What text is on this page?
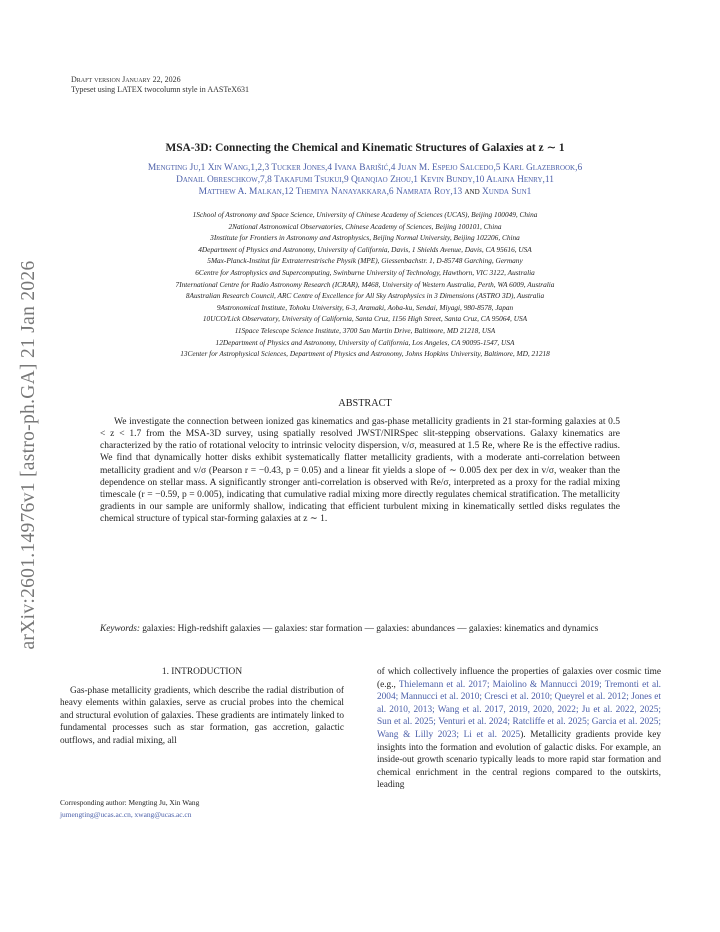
arXiv:2601.14976v1 [astro-ph.GA] 21 Jan 2026
Draft version January 22, 2026
Typeset using LATEX twocolumn style in AASTeX631
MSA-3D: Connecting the Chemical and Kinematic Structures of Galaxies at z ∼ 1
Mengting Ju,1 Xin Wang,1,2,3 Tucker Jones,4 Ivana Barišić,4 Juan M. Espejo Salcedo,5 Karl Glazebrook,6
Danail Obreschkow,7,8 Takafumi Tsukui,9 Qianqiao Zhou,1 Kevin Bundy,10 Alaina Henry,11
Matthew A. Malkan,12 Themiya Nanayakkara,6 Namrata Roy,13 and Xunda Sun1
1School of Astronomy and Space Science, University of Chinese Academy of Sciences (UCAS), Beijing 100049, China
2National Astronomical Observatories, Chinese Academy of Sciences, Beijing 100101, China
3Institute for Frontiers in Astronomy and Astrophysics, Beijing Normal University, Beijing 102206, China
4Department of Physics and Astronomy, University of California, Davis, 1 Shields Avenue, Davis, CA 95616, USA
5Max-Planck-Institut für Extraterrestrische Physik (MPE), Giessenbachstr. 1, D-85748 Garching, Germany
6Centre for Astrophysics and Supercomputing, Swinburne University of Technology, Hawthorn, VIC 3122, Australia
7International Centre for Radio Astronomy Research (ICRAR), M468, University of Western Australia, Perth, WA 6009, Australia
8Australian Research Council, ARC Centre of Excellence for All Sky Astrophysics in 3 Dimensions (ASTRO 3D), Australia
9Astronomical Institute, Tohoku University, 6-3, Aramaki, Aoba-ku, Sendai, Miyagi, 980-8578, Japan
10UCO/Lick Observatory, University of California, Santa Cruz, 1156 High Street, Santa Cruz, CA 95064, USA
11Space Telescope Science Institute, 3700 San Martin Drive, Baltimore, MD 21218, USA
12Department of Physics and Astronomy, University of California, Los Angeles, CA 90095-1547, USA
13Center for Astrophysical Sciences, Department of Physics and Astronomy, Johns Hopkins University, Baltimore, MD, 21218
ABSTRACT
We investigate the connection between ionized gas kinematics and gas-phase metallicity gradients in 21 star-forming galaxies at 0.5 < z < 1.7 from the MSA-3D survey, using spatially resolved JWST/NIRSpec slit-stepping observations. Galaxy kinematics are characterized by the ratio of rotational velocity to intrinsic velocity dispersion, v/σ, measured at 1.5 Re, where Re is the effective radius. We find that dynamically hotter disks exhibit systematically flatter metallicity gradients, with a moderate anti-correlation between metallicity gradient and v/σ (Pearson r = −0.43, p = 0.05) and a linear fit yields a slope of ∼ 0.005 dex per dex in v/σ, weaker than the dependence on stellar mass. A significantly stronger anti-correlation is observed with Re/σ, interpreted as a proxy for the radial mixing timescale (r = −0.59, p = 0.005), indicating that cumulative radial mixing more directly regulates chemical stratification. The metallicity gradients in our sample are uniformly shallow, indicating that efficient turbulent mixing in kinematically settled disks regulates the chemical structure of typical star-forming galaxies at z ∼ 1.
Keywords: galaxies: High-redshift galaxies — galaxies: star formation — galaxies: abundances — galaxies: kinematics and dynamics
1. INTRODUCTION
Gas-phase metallicity gradients, which describe the radial distribution of heavy elements within galaxies, serve as crucial probes into the chemical and structural evolution of galaxies. These gradients are intimately linked to fundamental processes such as star formation, gas accretion, galactic outflows, and radial mixing, all
Corresponding author: Mengting Ju, Xin Wang
jumengting@ucas.ac.cn, xwang@ucas.ac.cn
of which collectively influence the properties of galaxies over cosmic time (e.g., Thielemann et al. 2017; Maiolino & Mannucci 2019; Tremonti et al. 2004; Mannucci et al. 2010; Cresci et al. 2010; Queyrel et al. 2012; Jones et al. 2010, 2013; Wang et al. 2017, 2019, 2020, 2022; Ju et al. 2022, 2025; Sun et al. 2025; Venturi et al. 2024; Ratcliffe et al. 2025; Garcia et al. 2025; Wang & Lilly 2023; Li et al. 2025). Metallicity gradients provide key insights into the formation and evolution of galactic disks. For example, an inside-out growth scenario typically leads to more rapid star formation and chemical enrichment in the central regions compared to the outskirts, leading
